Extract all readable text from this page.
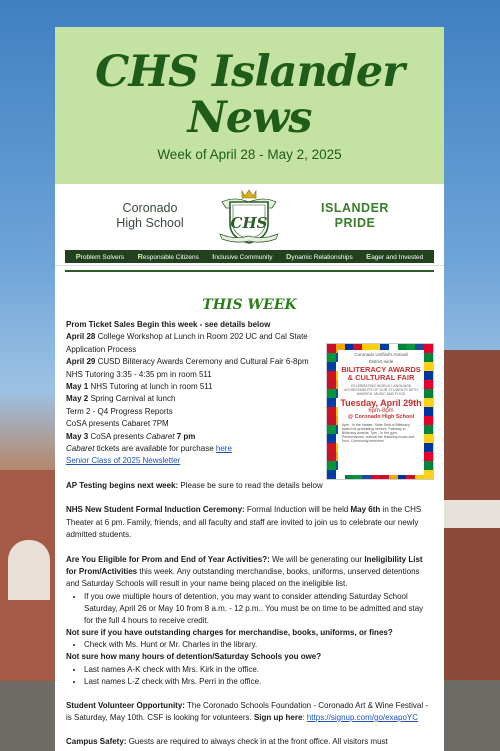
CHS Islander
News
Week of April 28 - May 2, 2025
Coronado
High School	CHS
ISLANDER
PRIDE
Problem Solvers Responsible Citizens Inclusive Community Dynamic Relationships Eager and Invested
THIS WEEK
Coronado Unified's Annual
District-wide
BILITERACY AWARDS
& CULTURAL FAIR
CELEBRATING WORLD LANGUAGE ACHIEVEMENTS OF OUR STUDENTS WITH AWARDS, MUSIC AND FOOD
Tuesday, April 29th
6pm-8pm
@ Coronado High School
6pm - In the theater: State Seal of Biliteracy award for graduating seniors. Pathway to Biliteracy awards. 7pm - In the gym: Performances, cultural fair featuring music and food. Community welcome!
Prom Ticket Sales Begin this week - see details below
April 28 College Workshop at Lunch in Room 202 UC and Cal State Application Process
April 29 CUSD Biliteracy Awards Ceremony and Cultural Fair 6-8pm
NHS Tutoring 3:35 - 4:35 pm in room 511
May 1 NHS Tutoring at lunch in room 511
May 2 Spring Carnival at lunch
Term 2 - Q4 Progress Reports
CoSA presents Cabaret 7PM
May 3 CoSA presents Cabaret 7 pm
Cabaret tickets are available for purchase here
Senior Class of 2025 Newsletter
AP Testing begins next week: Please be sure to read the details below
NHS New Student Formal Induction Ceremony: Formal Induction will be held May 6th in the CHS Theater at 6 pm. Family, friends, and all faculty and staff are invited to join us to celebrate our newly admitted students.
Are You Eligible for Prom and End of Year Activities?: We will be generating our Ineligibility List for Prom/Activities this week. Any outstanding merchandise, books, uniforms, unserved detentions and Saturday Schools will result in your name being placed on the ineligible list.
• If you owe multiple hours of detention, you may want to consider attending Saturday School Saturday, April 26 or May 10 from 8 a.m. - 12 p.m.. You must be on time to be admitted and stay for the full 4 hours to receive credit.
Not sure if you have outstanding charges for merchandise, books, uniforms, or fines?
• Check with Ms. Hunt or Mr. Charles in the library.
Not sure how many hours of detention/Saturday Schools you owe?
• Last names A-K check with Mrs. Kirk in the office.
• Last names L-Z check with Mrs. Perri in the office.
Student Volunteer Opportunity: The Coronado Schools Foundation - Coronado Art & Wine Festival - is Saturday, May 10th. CSF is looking for volunteers. Sign up here: https://signup.com/go/exapoYC
Campus Safety: Guests are required to always check in at the front office. All visitors must
